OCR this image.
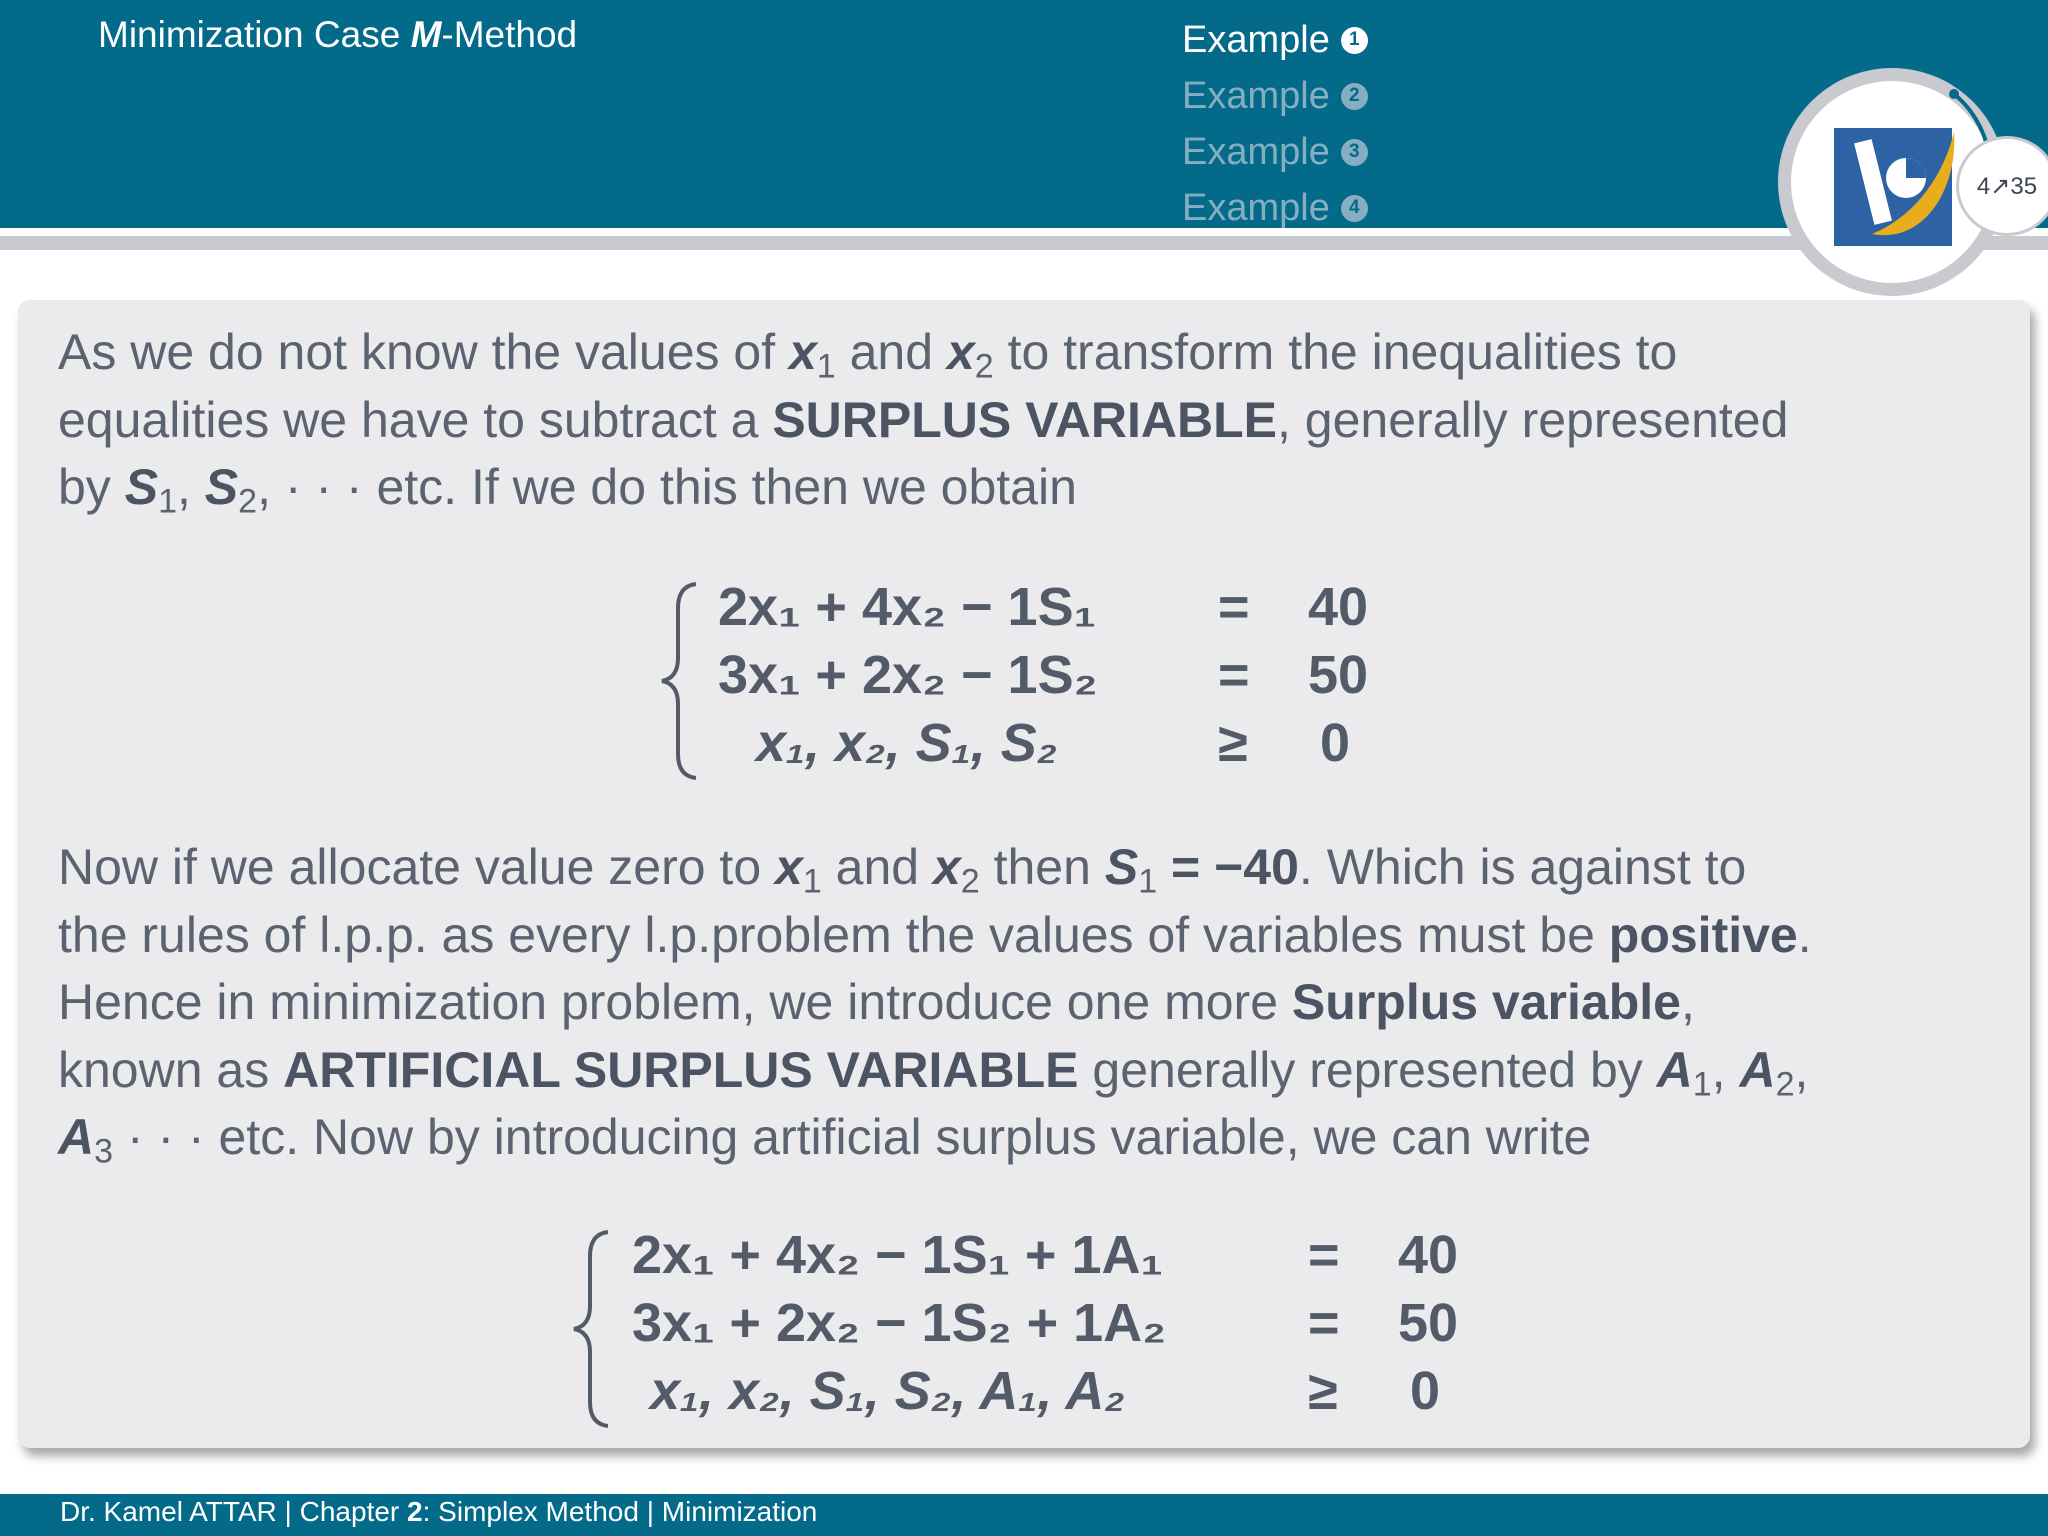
Minimization Case M-Method	Example	1
Example	2
Example	3
Example	4
4↗35
As we do not know the values of $x_1$ and $x_2$ to transform the inequalities to
equalities we have to subtract a SURPLUS VARIABLE, generally represented
by $S_1$, $S_2$, · · · etc. If we do this then we obtain
2x₁ + 4x₂ − 1S₁ = 40
3x₁ + 2x₂ − 1S₂ = 50
x₁, x₂, S₁, S₂	≥ 0
Now if we allocate value zero to $x_1$ and $x_2$ then $S_1 = -40$. Which is against to
the rules of l.p.p. as every l.p.problem the values of variables must be positive.
Hence in minimization problem, we introduce one more Surplus variable,
known as ARTIFICIAL SURPLUS VARIABLE generally represented by $A_1$, $A_2$,
$A_3$ · · · etc. Now by introducing artificial surplus variable, we can write
2x₁ + 4x₂ − 1S₁ + 1A₁	= 40
3x₁ + 2x₂ − 1S₂ + 1A₂	= 50
x₁, x₂, S₁, S₂, A₁, A₂	≥ 0
Dr. Kamel ATTAR | Chapter 2: Simplex Method | Minimization
